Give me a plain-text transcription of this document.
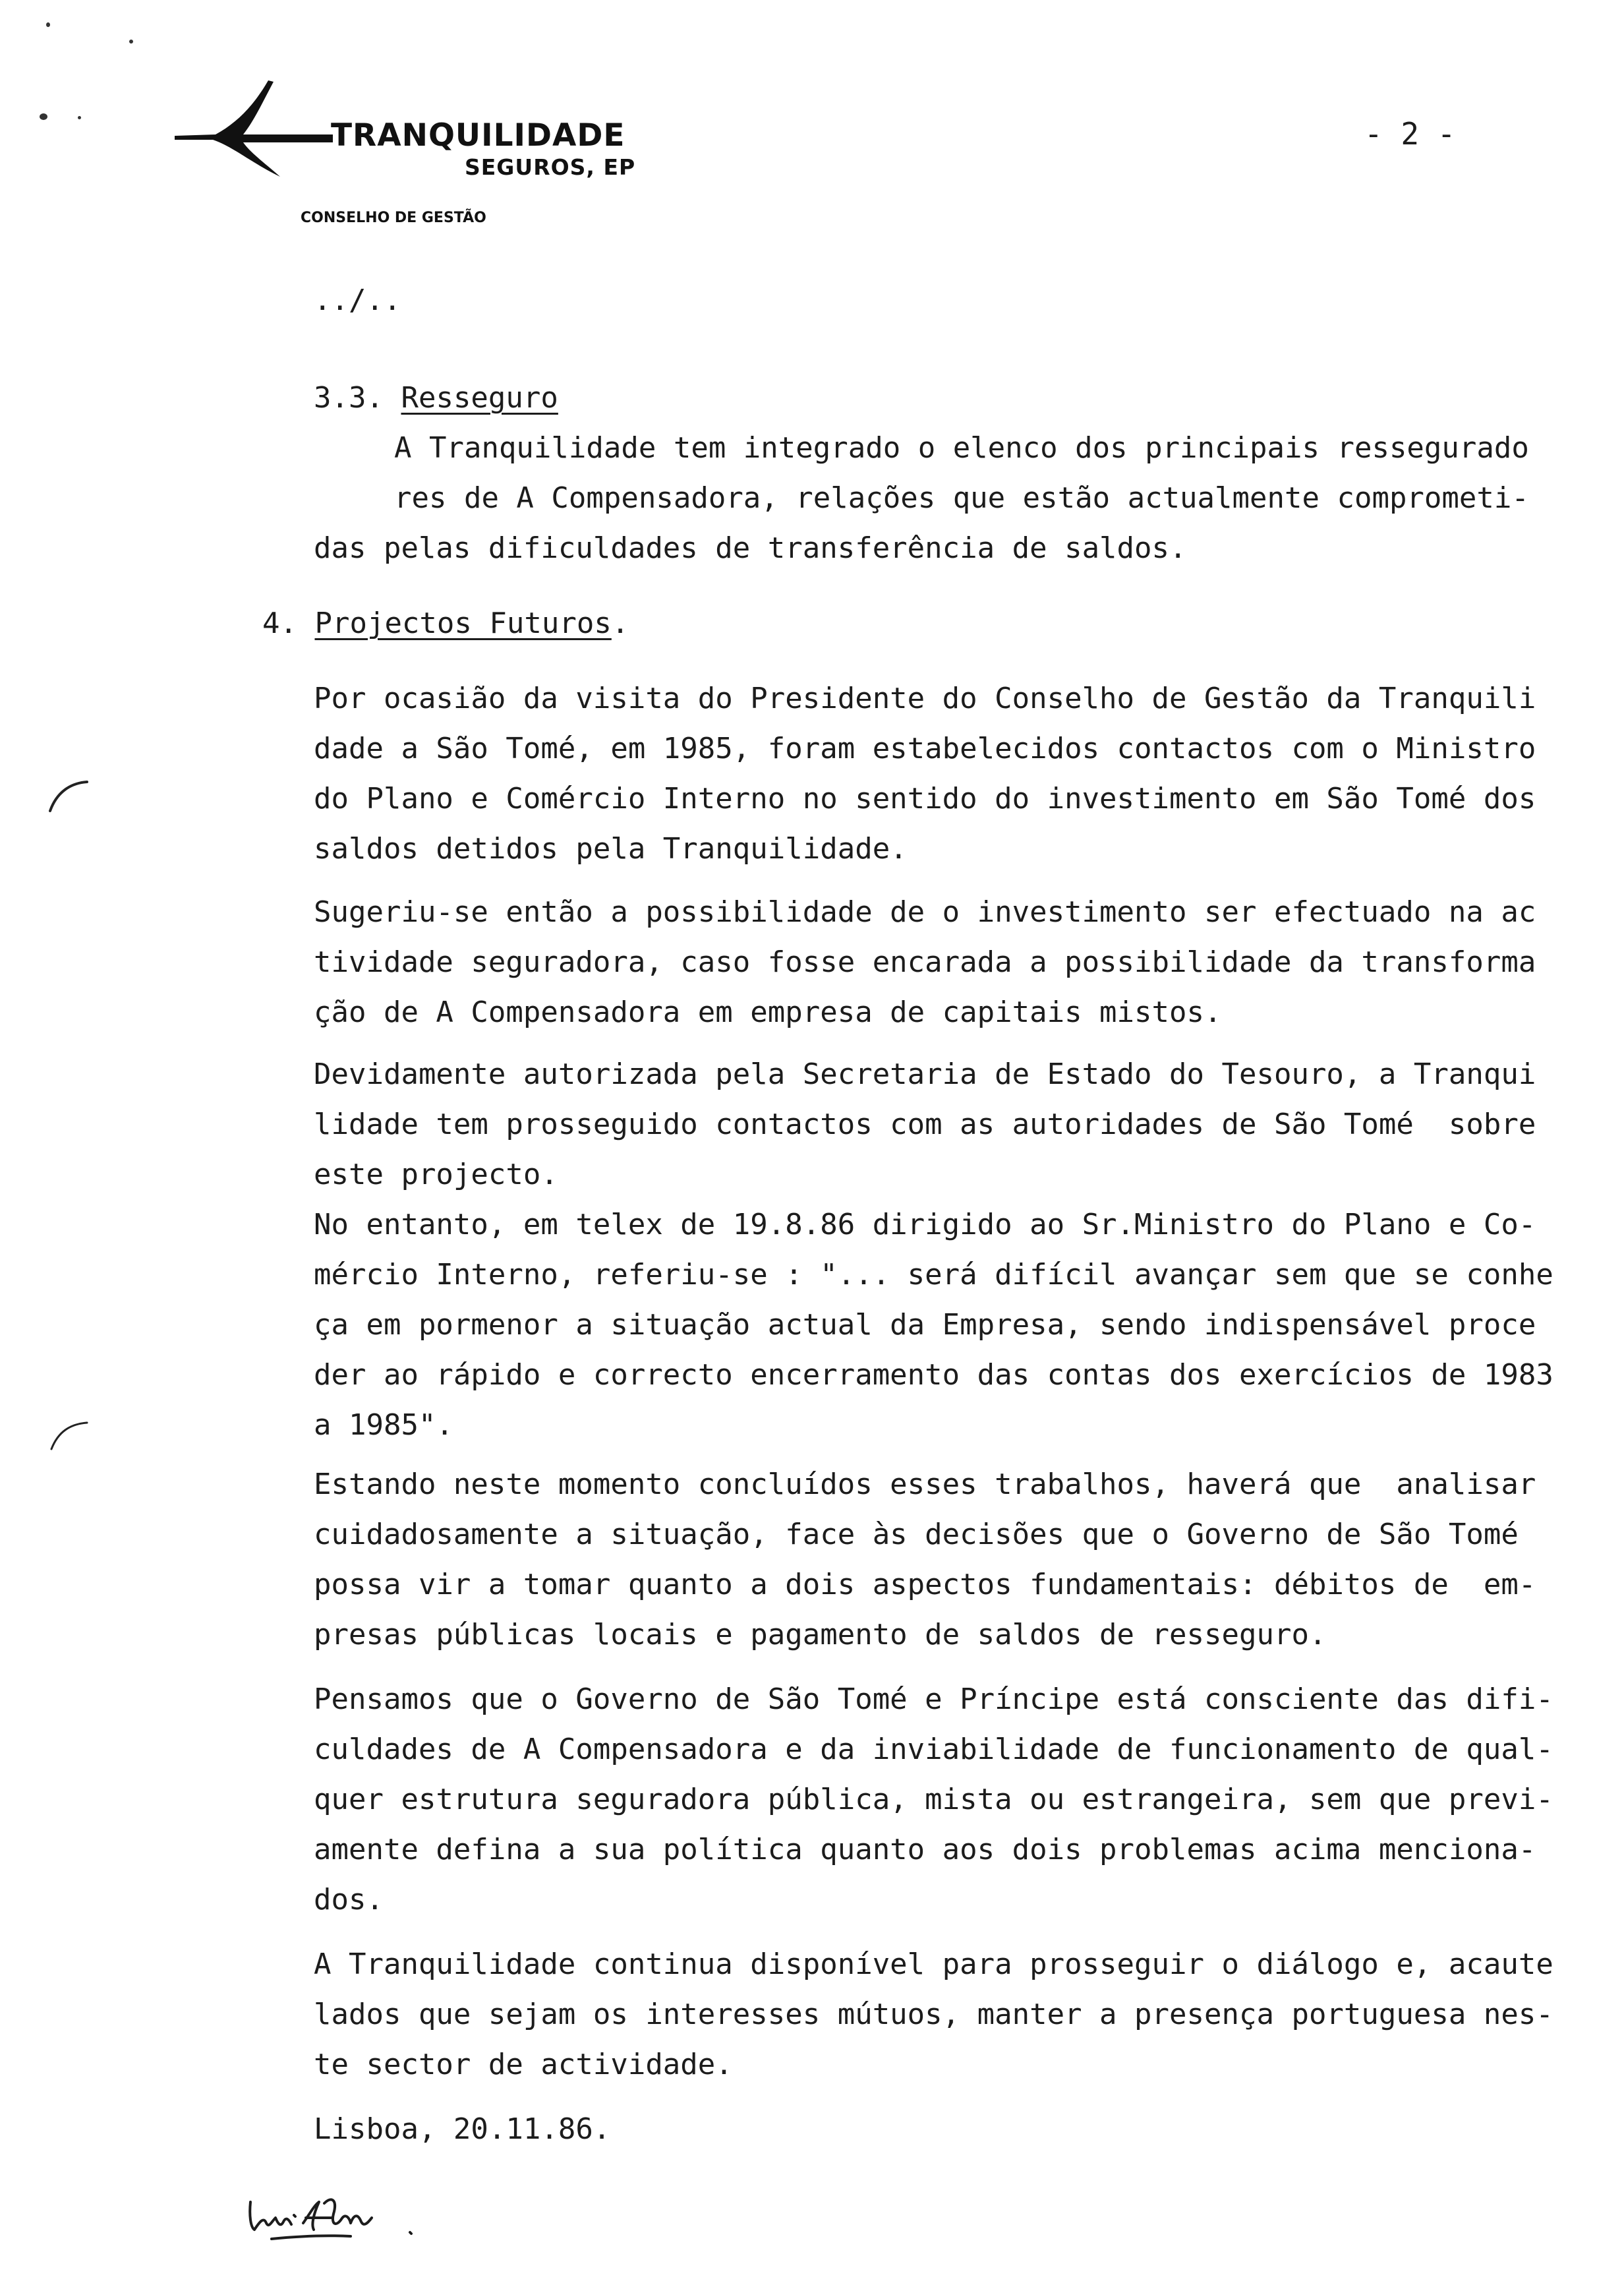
TRANQUILIDADE
SEGUROS, EP
CONSELHO DE GESTÃO
- 2 -
../..
3.3. Resseguro
A Tranquilidade tem integrado o elenco dos principais ressegurado
res de A Compensadora, relações que estão actualmente comprometi-
das pelas dificuldades de transferência de saldos.
4. Projectos Futuros.
Por ocasião da visita do Presidente do Conselho de Gestão da Tranquili
dade a São Tomé, em 1985, foram estabelecidos contactos com o Ministro
do Plano e Comércio Interno no sentido do investimento em São Tomé dos
saldos detidos pela Tranquilidade.
Sugeriu-se então a possibilidade de o investimento ser efectuado na ac
tividade seguradora, caso fosse encarada a possibilidade da transforma
ção de A Compensadora em empresa de capitais mistos.
Devidamente autorizada pela Secretaria de Estado do Tesouro, a Tranqui
lidade tem prosseguido contactos com as autoridades de São Tomé  sobre
este projecto.
No entanto, em telex de 19.8.86 dirigido ao Sr.Ministro do Plano e Co-
mércio Interno, referiu-se : "... será difícil avançar sem que se conhe
ça em pormenor a situação actual da Empresa, sendo indispensável proce
der ao rápido e correcto encerramento das contas dos exercícios de 1983
a 1985".
Estando neste momento concluídos esses trabalhos, haverá que  analisar
cuidadosamente a situação, face às decisões que o Governo de São Tomé
possa vir a tomar quanto a dois aspectos fundamentais: débitos de  em-
presas públicas locais e pagamento de saldos de resseguro.
Pensamos que o Governo de São Tomé e Príncipe está consciente das difi-
culdades de A Compensadora e da inviabilidade de funcionamento de qual-
quer estrutura seguradora pública, mista ou estrangeira, sem que previ-
amente defina a sua política quanto aos dois problemas acima menciona-
dos.
A Tranquilidade continua disponível para prosseguir o diálogo e, acaute
lados que sejam os interesses mútuos, manter a presença portuguesa nes-
te sector de actividade.
Lisboa, 20.11.86.
